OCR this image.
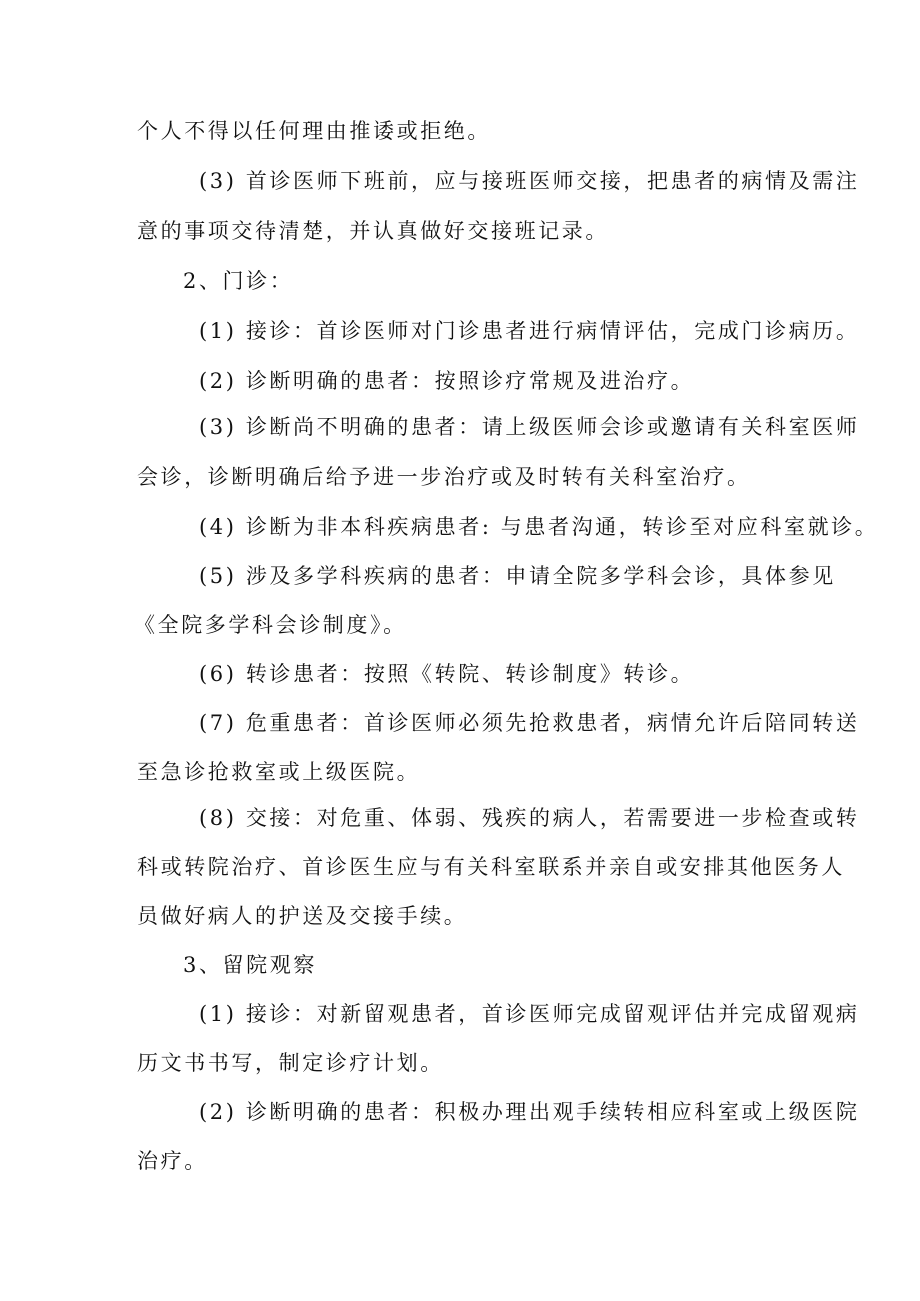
个人不得以任何理由推诿或拒绝。
(3) 首诊医师下班前，应与接班医师交接，把患者的病情及需注
意的事项交待清楚，并认真做好交接班记录。
2、门诊：
(1) 接诊：首诊医师对门诊患者进行病情评估，完成门诊病历。
(2) 诊断明确的患者：按照诊疗常规及进治疗。
(3) 诊断尚不明确的患者：请上级医师会诊或邀请有关科室医师
会诊，诊断明确后给予进一步治疗或及时转有关科室治疗。
(4) 诊断为非本科疾病患者: 与患者沟通，转诊至对应科室就诊。
(5) 涉及多学科疾病的患者：申请全院多学科会诊，具体参见
《全院多学科会诊制度》。
(6) 转诊患者：按照《转院、转诊制度》转诊。
(7) 危重患者：首诊医师必须先抢救患者，病情允许后陪同转送
至急诊抢救室或上级医院。
(8) 交接：对危重、体弱、残疾的病人，若需要进一步检查或转
科或转院治疗、首诊医生应与有关科室联系并亲自或安排其他医务人
员做好病人的护送及交接手续。
3、留院观察
(1) 接诊：对新留观患者，首诊医师完成留观评估并完成留观病
历文书书写，制定诊疗计划。
(2) 诊断明确的患者：积极办理出观手续转相应科室或上级医院
治疗。
